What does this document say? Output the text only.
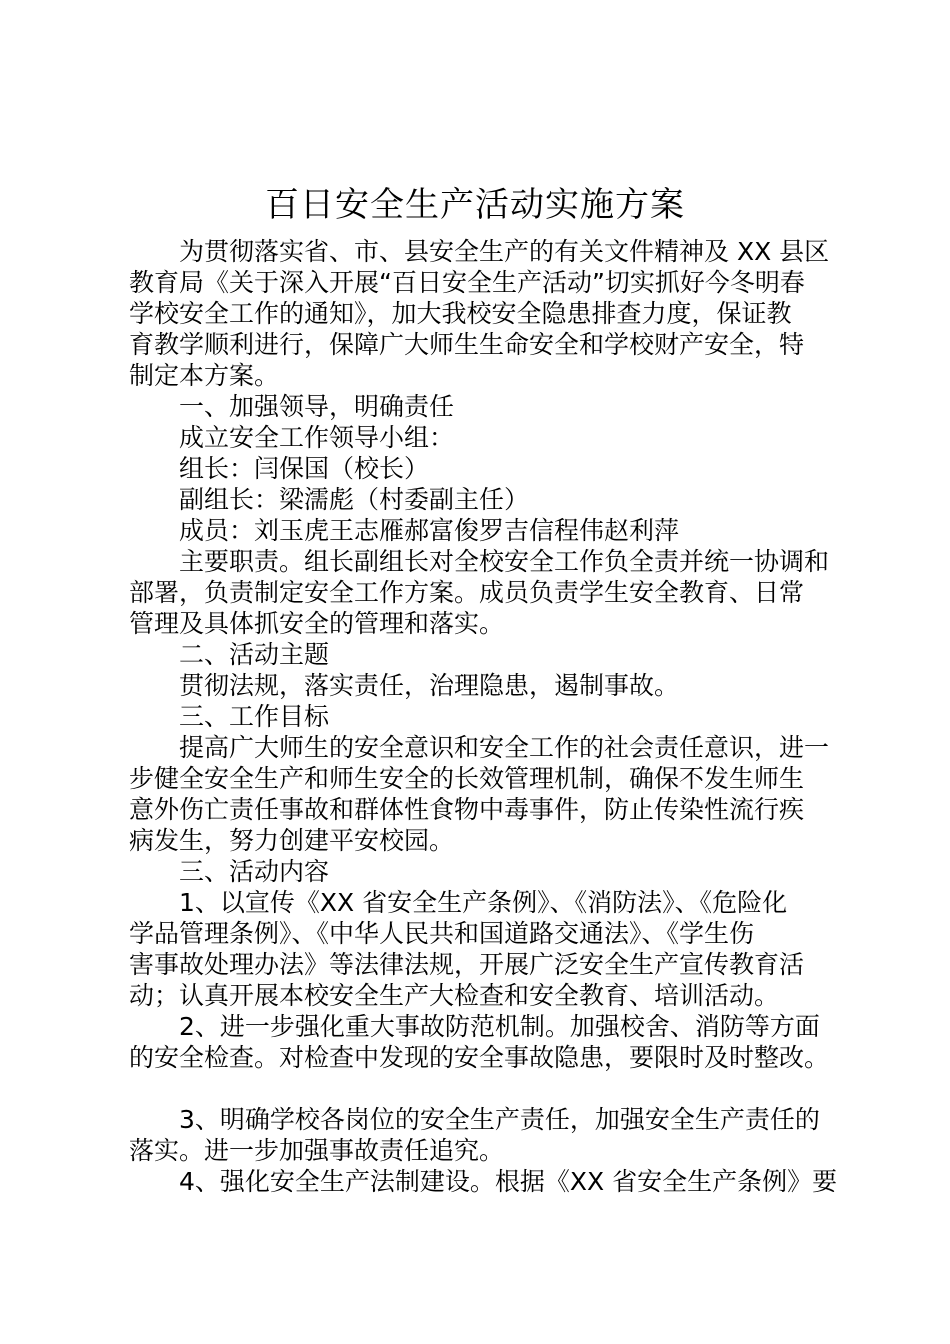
百日安全生产活动实施方案

为贯彻落实省、市、县安全生产的有关文件精神及 XX 县区

教育局《关于深入开展“百日安全生产活动”切实抓好今冬明春

学校安全工作的通知》，加大我校安全隐患排查力度，保证教

育教学顺利进行，保障广大师生生命安全和学校财产安全，特

制定本方案。

一、加强领导，明确责任

成立安全工作领导小组：

组长：闫保国（校长）

副组长：梁濡彪（村委副主任）

成员：刘玉虎王志雁郝富俊罗吉信程伟赵利萍

主要职责。组长副组长对全校安全工作负全责并统一协调和

部署，负责制定安全工作方案。成员负责学生安全教育、日常

管理及具体抓安全的管理和落实。

二、活动主题

贯彻法规，落实责任，治理隐患，遏制事故。

三、工作目标

提高广大师生的安全意识和安全工作的社会责任意识，进一

步健全安全生产和师生安全的长效管理机制，确保不发生师生

意外伤亡责任事故和群体性食物中毒事件，防止传染性流行疾

病发生，努力创建平安校园。

三、活动内容

1、以宣传《XX 省安全生产条例》、《消防法》、《危险化

学品管理条例》、《中华人民共和国道路交通法》、《学生伤

害事故处理办法》等法律法规，开展广泛安全生产宣传教育活

动；认真开展本校安全生产大检查和安全教育、培训活动。

2、进一步强化重大事故防范机制。加强校舍、消防等方面

的安全检查。对检查中发现的安全事故隐患，要限时及时整改。

3、明确学校各岗位的安全生产责任，加强安全生产责任的

落实。进一步加强事故责任追究。

4、强化安全生产法制建设。根据《XX 省安全生产条例》要
